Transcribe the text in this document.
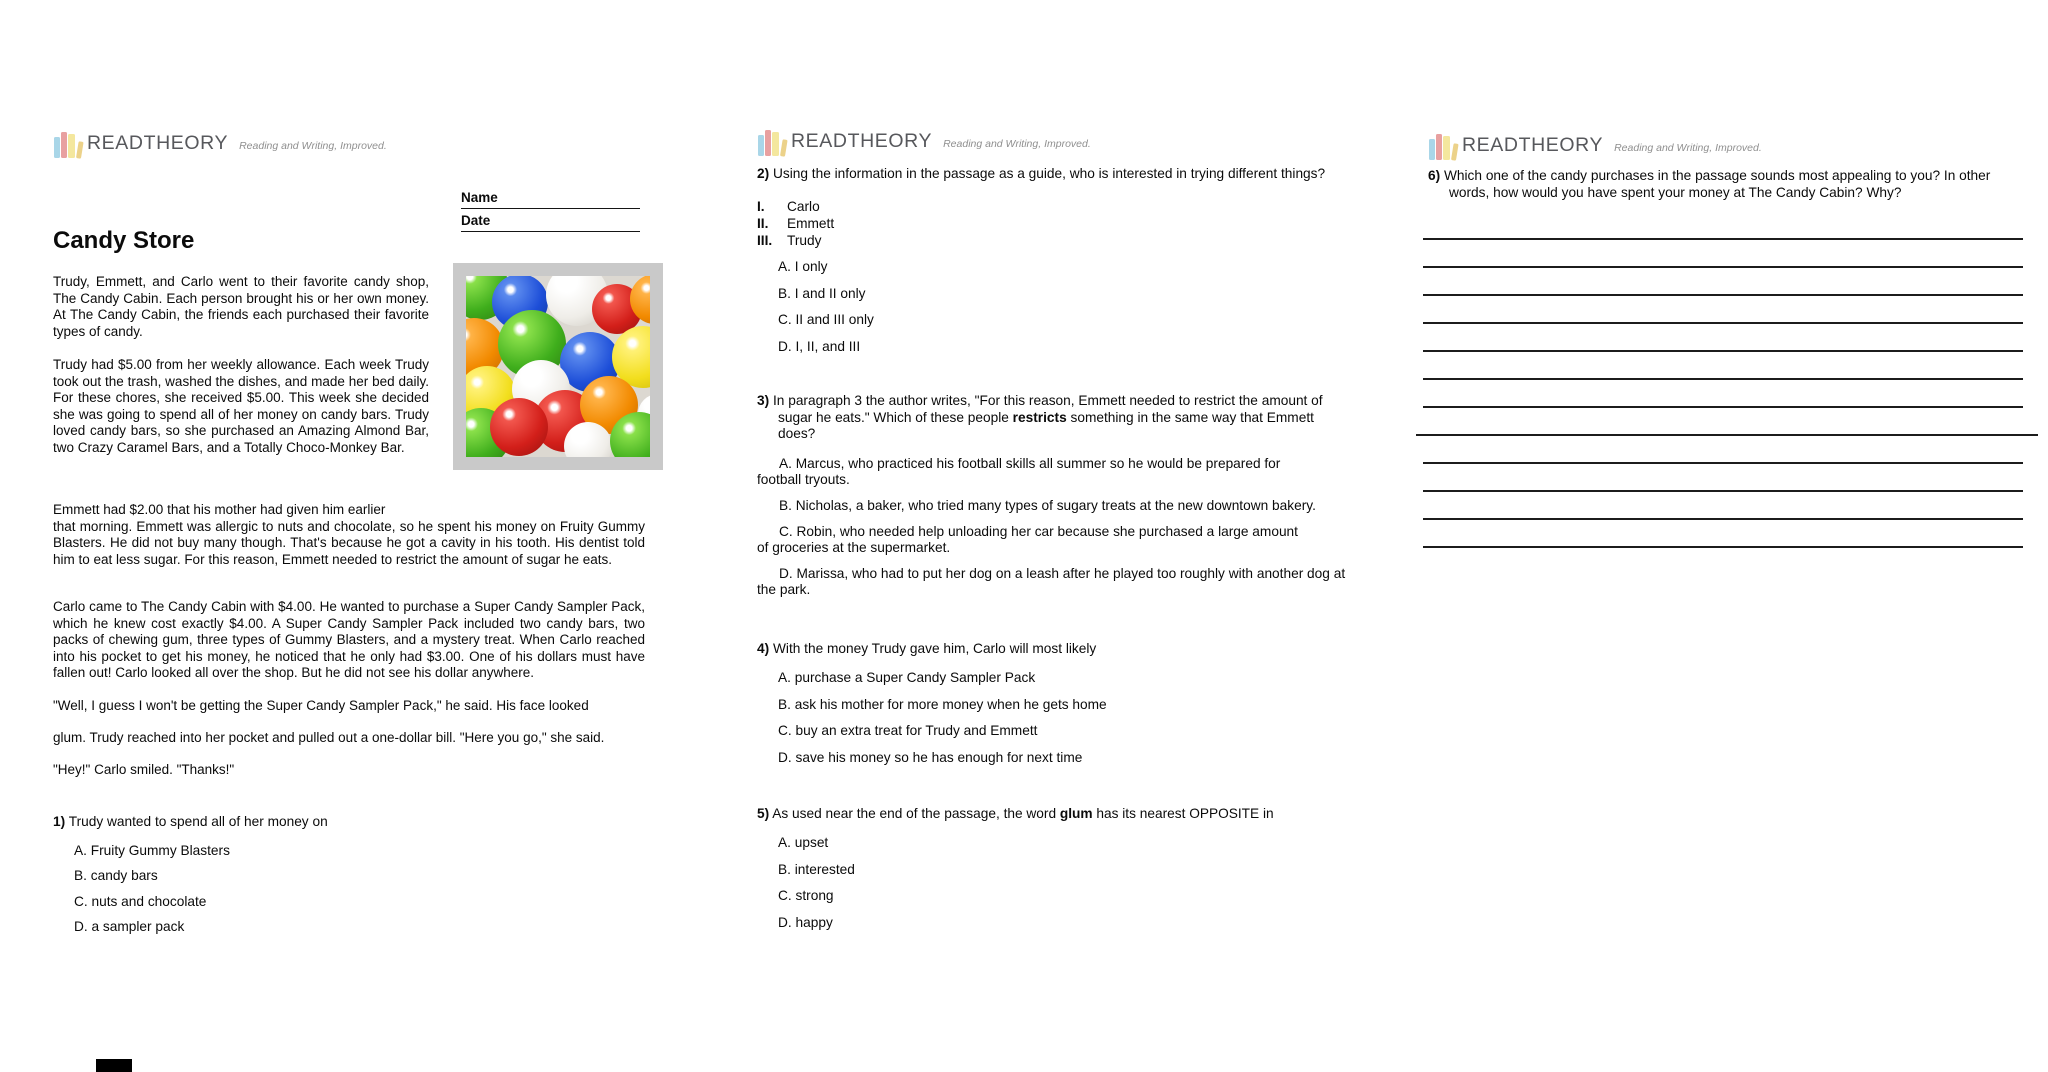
READTHEORY Reading and Writing, Improved.
Name
Date
Candy Store
Trudy, Emmett, and Carlo went to their favorite candy shop, The Candy Cabin. Each person brought his or her own money. At The Candy Cabin, the friends each purchased their favorite types of candy.
Trudy had $5.00 from her weekly allowance. Each week Trudy took out the trash, washed the dishes, and made her bed daily. For these chores, she received $5.00. This week she decided she was going to spend all of her money on candy bars. Trudy loved candy bars, so she purchased an Amazing Almond Bar, two Crazy Caramel Bars, and a Totally Choco-Monkey Bar.
Emmett had $2.00 that his mother had given him earlier
that morning. Emmett was allergic to nuts and chocolate, so he spent his money on Fruity Gummy Blasters. He did not buy many though. That's because he got a cavity in his tooth. His dentist told him to eat less sugar. For this reason, Emmett needed to restrict the amount of sugar he eats.
Carlo came to The Candy Cabin with $4.00. He wanted to purchase a Super Candy Sampler Pack, which he knew cost exactly $4.00. A Super Candy Sampler Pack included two candy bars, two packs of chewing gum, three types of Gummy Blasters, and a mystery treat. When Carlo reached into his pocket to get his money, he noticed that he only had $3.00. One of his dollars must have fallen out! Carlo looked all over the shop. But he did not see his dollar anywhere.
"Well, I guess I won't be getting the Super Candy Sampler Pack," he said. His face looked
glum. Trudy reached into her pocket and pulled out a one-dollar bill. "Here you go," she said.
"Hey!" Carlo smiled. "Thanks!"
1) Trudy wanted to spend all of her money on
A. Fruity Gummy Blasters
B. candy bars
C. nuts and chocolate
D. a sampler pack
READTHEORY Reading and Writing, Improved.
2) Using the information in the passage as a guide, who is interested in trying different things?
I.	Carlo
II.	Emmett
III.	Trudy
A. I only
B. I and II only
C. II and III only
D. I, II, and III
3) In paragraph 3 the author writes, "For this reason, Emmett needed to restrict the amount of
sugar he eats." Which of these people restricts something in the same way that Emmett
does?
A. Marcus, who practiced his football skills all summer so he would be prepared for
football tryouts.
B. Nicholas, a baker, who tried many types of sugary treats at the new downtown bakery.
C. Robin, who needed help unloading her car because she purchased a large amount
of groceries at the supermarket.
D. Marissa, who had to put her dog on a leash after he played too roughly with another dog at
the park.
4) With the money Trudy gave him, Carlo will most likely
A. purchase a Super Candy Sampler Pack
B. ask his mother for more money when he gets home
C. buy an extra treat for Trudy and Emmett
D. save his money so he has enough for next time
5) As used near the end of the passage, the word glum has its nearest OPPOSITE in
A. upset
B. interested
C. strong
D. happy
READTHEORY Reading and Writing, Improved.
6) Which one of the candy purchases in the passage sounds most appealing to you? In other
words, how would you have spent your money at The Candy Cabin? Why?
